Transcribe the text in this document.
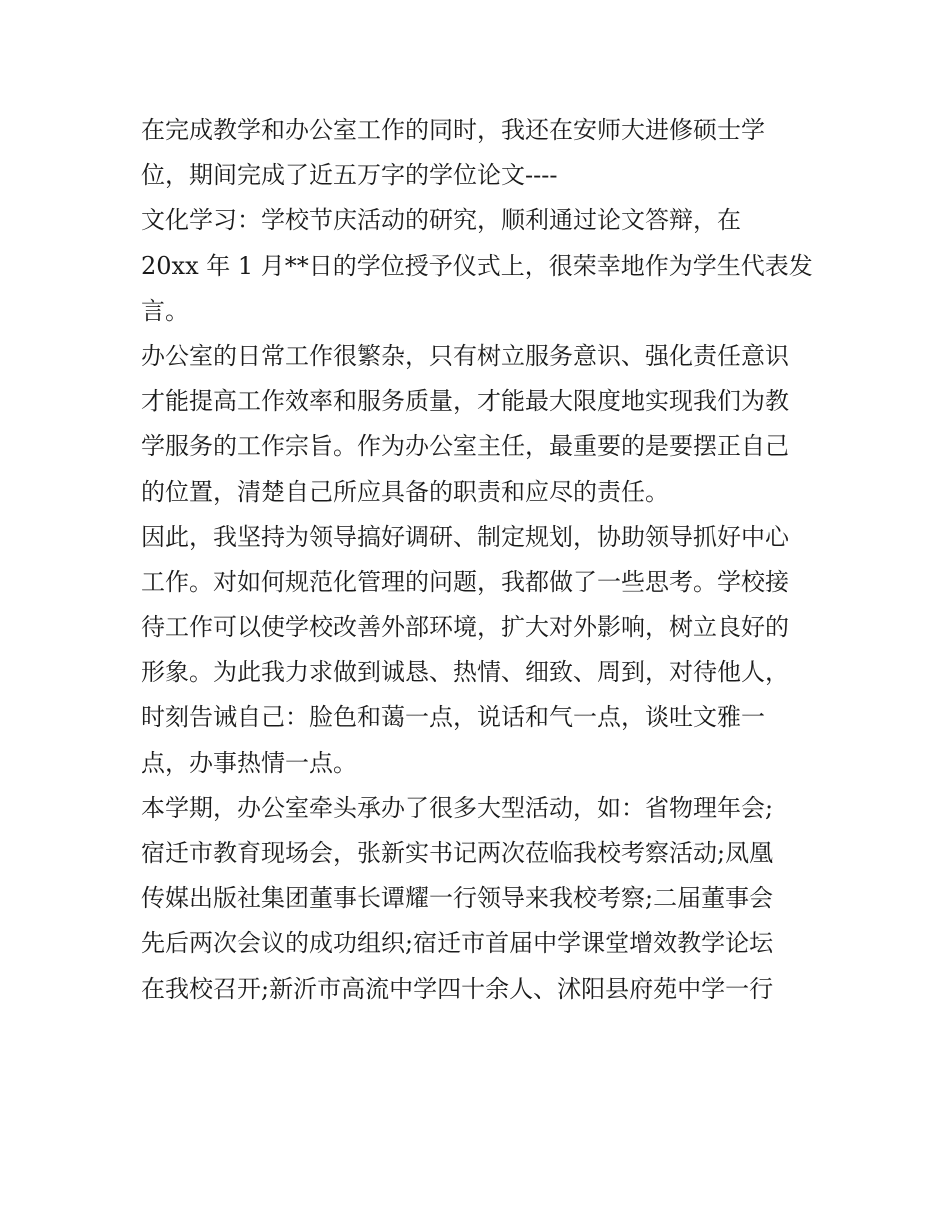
在完成教学和办公室工作的同时，我还在安师大进修硕士学
位，期间完成了近五万字的学位论文----
文化学习：学校节庆活动的研究，顺利通过论文答辩，在
20xx 年 1 月**日的学位授予仪式上，很荣幸地作为学生代表发
言。
办公室的日常工作很繁杂，只有树立服务意识、强化责任意识
才能提高工作效率和服务质量，才能最大限度地实现我们为教
学服务的工作宗旨。作为办公室主任，最重要的是要摆正自己
的位置，清楚自己所应具备的职责和应尽的责任。
因此，我坚持为领导搞好调研、制定规划，协助领导抓好中心
工作。对如何规范化管理的问题，我都做了一些思考。学校接
待工作可以使学校改善外部环境，扩大对外影响，树立良好的
形象。为此我力求做到诚恳、热情、细致、周到，对待他人，
时刻告诫自己：脸色和蔼一点，说话和气一点，谈吐文雅一
点，办事热情一点。
本学期，办公室牵头承办了很多大型活动，如：省物理年会;
宿迁市教育现场会，张新实书记两次莅临我校考察活动;凤凰
传媒出版社集团董事长谭耀一行领导来我校考察;二届董事会
先后两次会议的成功组织;宿迁市首届中学课堂增效教学论坛
在我校召开;新沂市高流中学四十余人、沭阳县府苑中学一行
